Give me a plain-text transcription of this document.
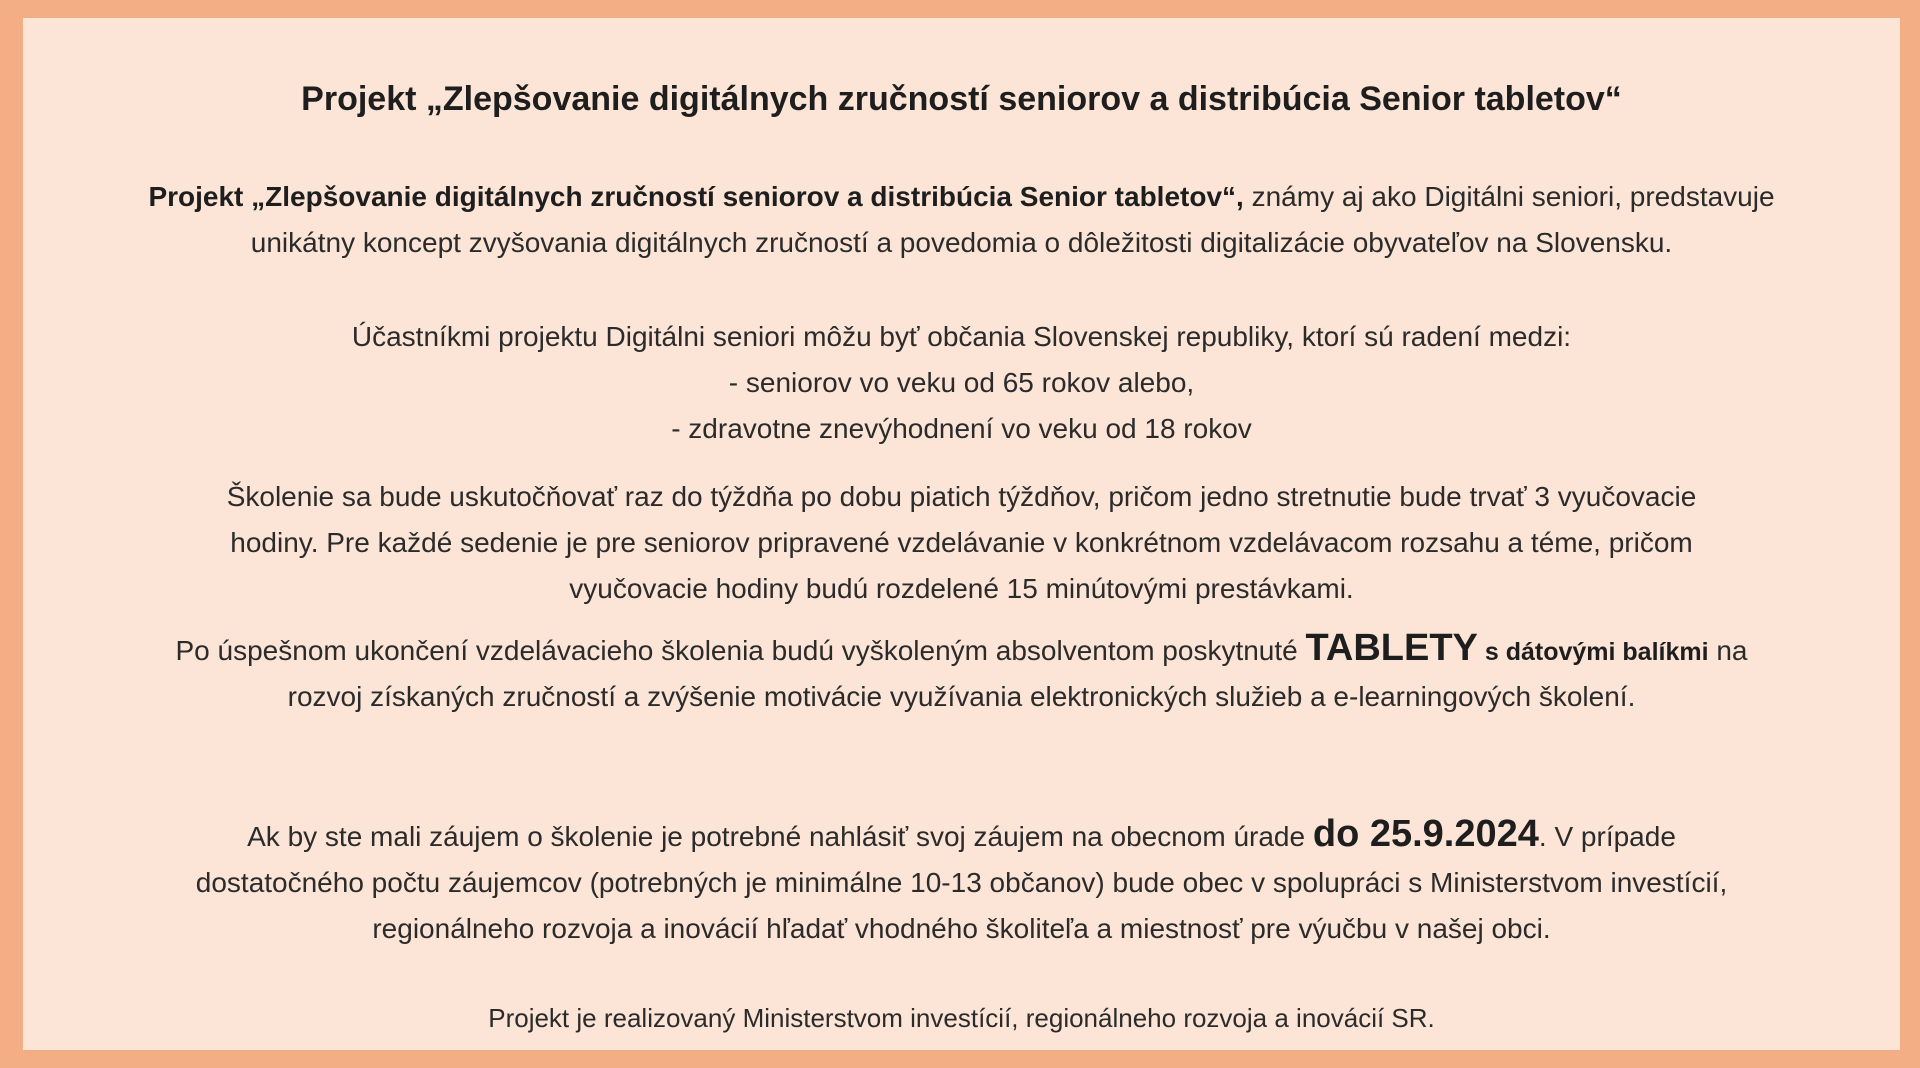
Projekt „Zlepšovanie digitálnych zručností seniorov a distribúcia Senior tabletov“
Projekt „Zlepšovanie digitálnych zručností seniorov a distribúcia Senior tabletov“, známy aj ako Digitálni seniori, predstavuje
unikátny koncept zvyšovania digitálnych zručností a povedomia o dôležitosti digitalizácie obyvateľov na Slovensku.
Účastníkmi projektu Digitálni seniori môžu byť občania Slovenskej republiky, ktorí sú radení medzi:
- seniorov vo veku od 65 rokov alebo,
- zdravotne znevýhodnení vo veku od 18 rokov
Školenie sa bude uskutočňovať raz do týždňa po dobu piatich týždňov, pričom jedno stretnutie bude trvať 3 vyučovacie
hodiny. Pre každé sedenie je pre seniorov pripravené vzdelávanie v konkrétnom vzdelávacom rozsahu a téme, pričom
vyučovacie hodiny budú rozdelené 15 minútovými prestávkami.
Po úspešnom ukončení vzdelávacieho školenia budú vyškoleným absolventom poskytnuté TABLETY s dátovými balíkmi na
rozvoj získaných zručností a zvýšenie motivácie využívania elektronických služieb a e-learningových školení.
Ak by ste mali záujem o školenie je potrebné nahlásiť svoj záujem na obecnom úrade do 25.9.2024. V prípade
dostatočného počtu záujemcov (potrebných je minimálne 10-13 občanov) bude obec v spolupráci s Ministerstvom investícií,
regionálneho rozvoja a inovácií hľadať vhodného školiteľa a miestnosť pre výučbu v našej obci.
Projekt je realizovaný Ministerstvom investícií, regionálneho rozvoja a inovácií SR.
